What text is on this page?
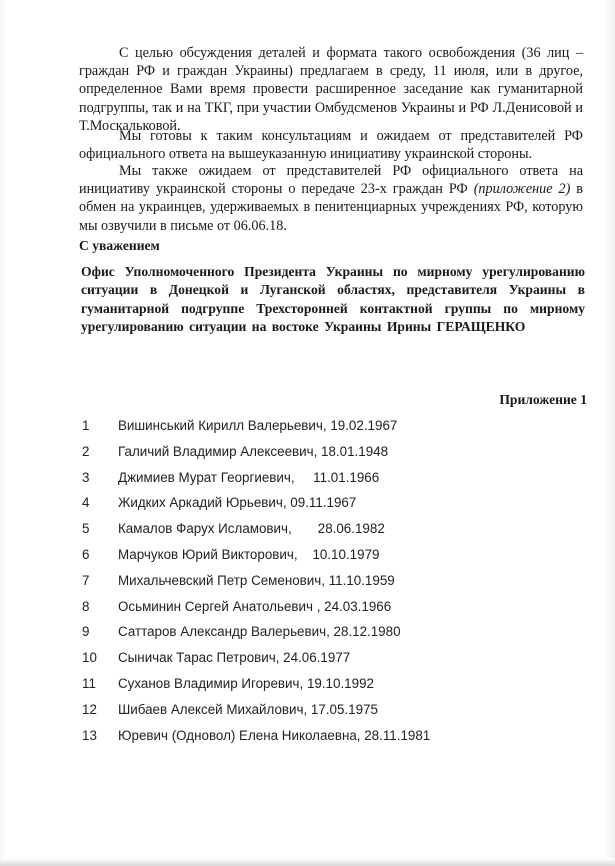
С целью обсуждения деталей и формата такого освобождения (36 лиц – граждан РФ и граждан Украины) предлагаем в среду, 11 июля, или в другое, определенное Вами время провести расширенное заседание как гуманитарной подгруппы, так и на ТКГ, при участии Омбудсменов Украины и РФ Л.Денисовой и Т.Москальковой.

Мы готовы к таким консультациям и ожидаем от представителей РФ официального ответа на вышеуказанную инициативу украинской стороны.

Мы также ожидаем от представителей РФ официального ответа на инициативу украинской стороны о передаче 23-х граждан РФ (приложение 2) в обмен на украинцев, удерживаемых в пенитенциарных учреждениях РФ, которую мы озвучили в письме от 06.06.18.

С уважением
Офис Уполномоченного Президента Украины по мирному урегулированию ситуации в Донецкой и Луганской областях, представителя Украины в гуманитарной подгруппе Трехсторонней контактной группы по мирному урегулированию ситуации на востоке Украины Ирины ГЕРАЩЕНКО
Приложение 1
1	Вишинський Кирилл Валерьевич, 19.02.1967
2	Галичий Владимир Алексеевич, 18.01.1948
3	Джимиев Мурат Георгиевич,     11.01.1966
4	Жидких Аркадий Юрьевич, 09.11.1967
5	Камалов Фарух Исламович,       28.06.1982
6	Марчуков Юрий Викторович,    10.10.1979
7	Михальчевский Петр Семенович, 11.10.1959
8	Осьминин Сергей Анатольевич , 24.03.1966
9	Саттаров Александр Валерьевич, 28.12.1980
10	Сыничак Тарас Петрович, 24.06.1977
11	Суханов Владимир Игоревич, 19.10.1992
12	Шибаев Алексей Михайлович, 17.05.1975
13	Юревич (Одновол) Елена Николаевна, 28.11.1981
